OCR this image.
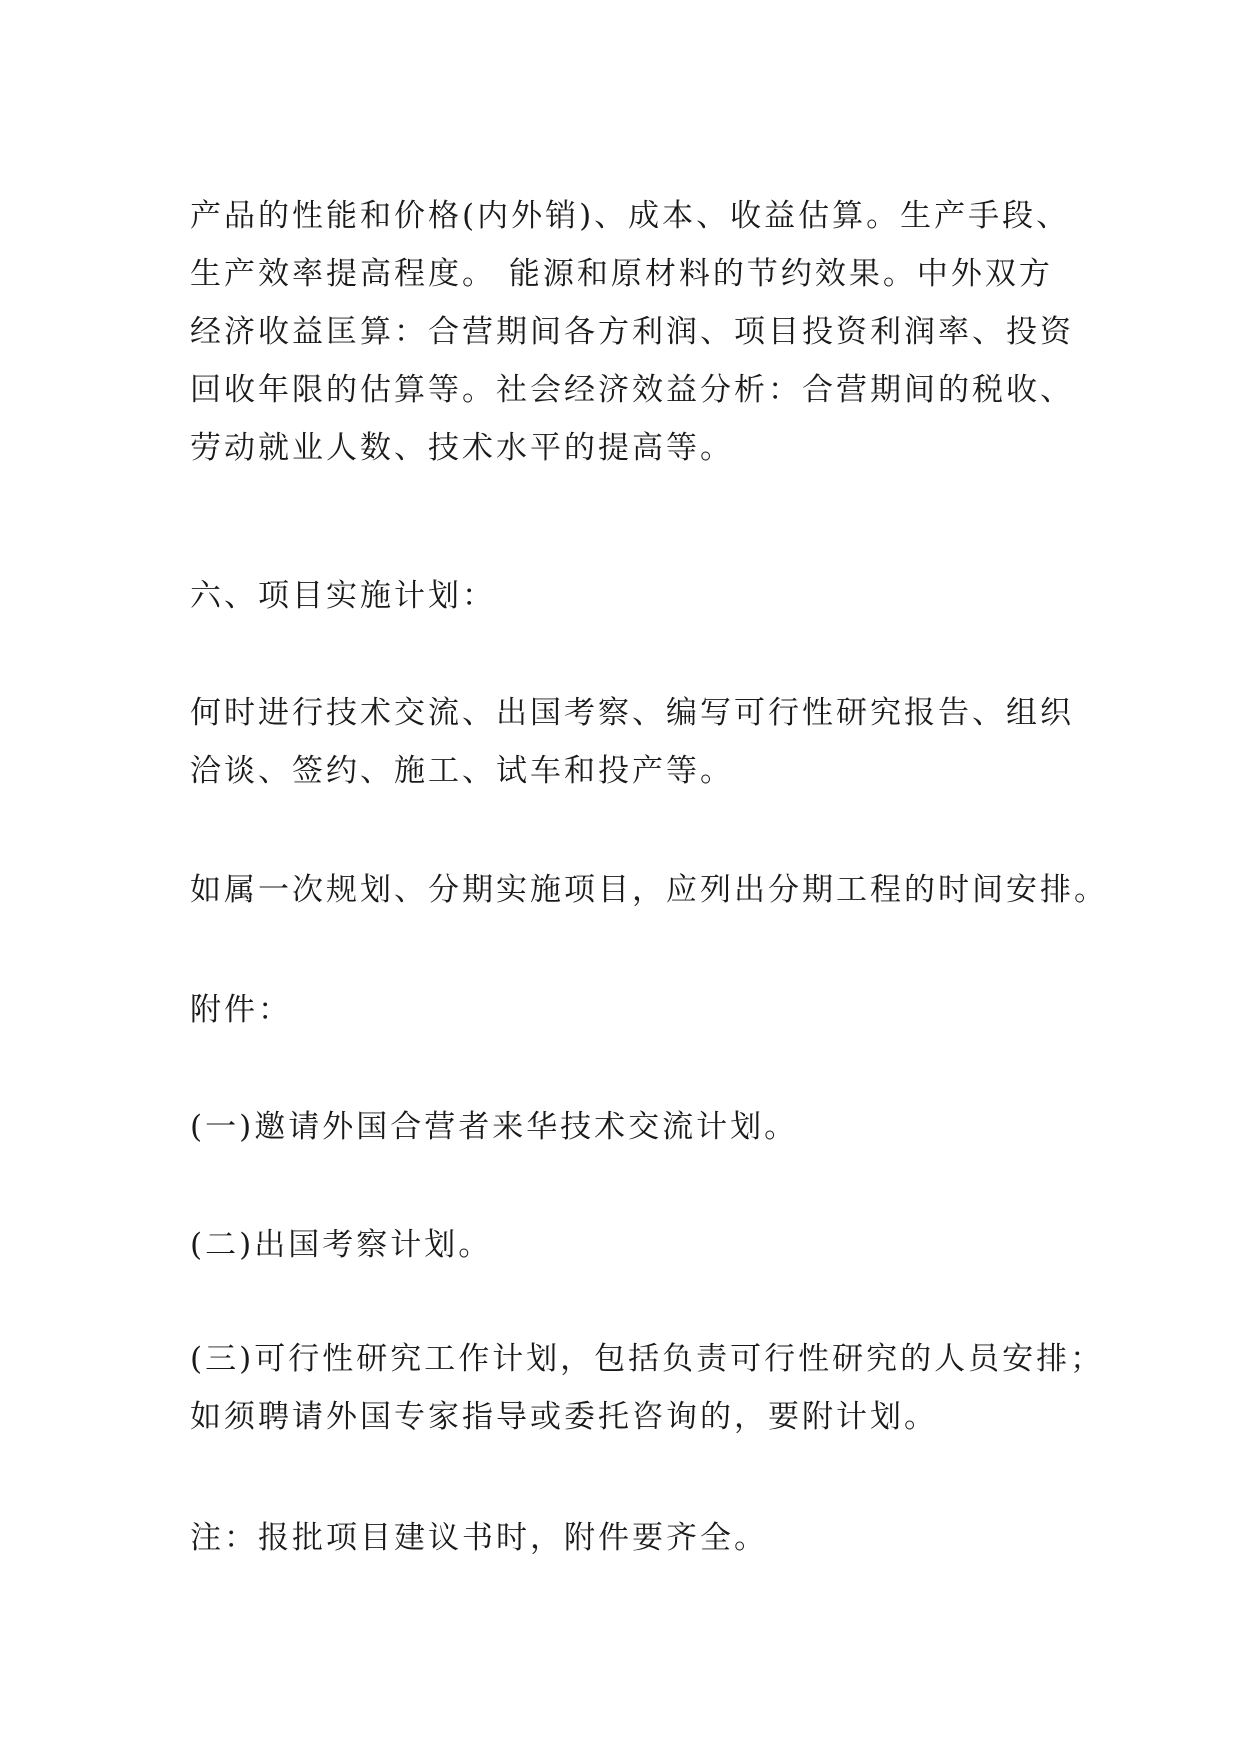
产品的性能和价格(内外销)、成本、收益估算。生产手段、
生产效率提高程度。 能源和原材料的节约效果。中外双方
经济收益匡算：合营期间各方利润、项目投资利润率、投资
回收年限的估算等。社会经济效益分析：合营期间的税收、
劳动就业人数、技术水平的提高等。
六、项目实施计划：
何时进行技术交流、出国考察、编写可行性研究报告、组织
洽谈、签约、施工、试车和投产等。
如属一次规划、分期实施项目，应列出分期工程的时间安排。
附件：
(一)邀请外国合营者来华技术交流计划。
(二)出国考察计划。
(三)可行性研究工作计划，包括负责可行性研究的人员安排；
如须聘请外国专家指导或委托咨询的，要附计划。
注：报批项目建议书时，附件要齐全。
